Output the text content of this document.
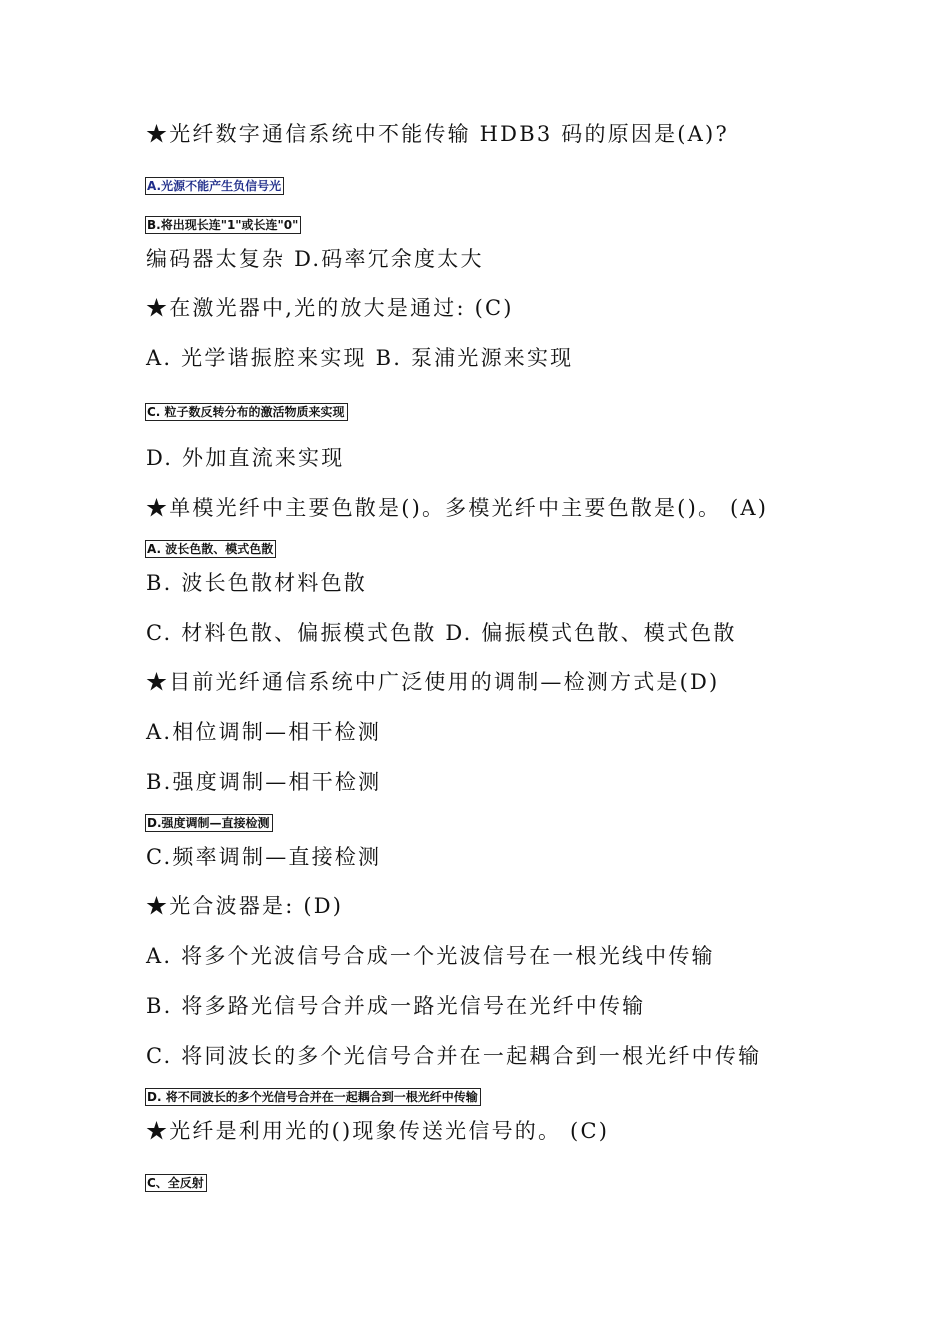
★光纤数字通信系统中不能传输 HDB3 码的原因是(A)?
A.光源不能产生负信号光
B.将出现长连"1"或长连"0"
编码器太复杂 D.码率冗余度太大
★在激光器中,光的放大是通过: (C)
A. 光学谐振腔来实现 B. 泵浦光源来实现
C. 粒子数反转分布的激活物质来实现
D. 外加直流来实现
★单模光纤中主要色散是()。多模光纤中主要色散是()。 (A)
A. 波长色散、模式色散
B. 波长色散材料色散
C. 材料色散、偏振模式色散 D. 偏振模式色散、模式色散
★目前光纤通信系统中广泛使用的调制—检测方式是(D)
A.相位调制—相干检测
B.强度调制—相干检测
D.强度调制—直接检测
C.频率调制—直接检测
★光合波器是: (D)
A. 将多个光波信号合成一个光波信号在一根光线中传输
B. 将多路光信号合并成一路光信号在光纤中传输
C. 将同波长的多个光信号合并在一起耦合到一根光纤中传输
D. 将不同波长的多个光信号合并在一起耦合到一根光纤中传输
★光纤是利用光的()现象传送光信号的。 (C)
C、全反射
